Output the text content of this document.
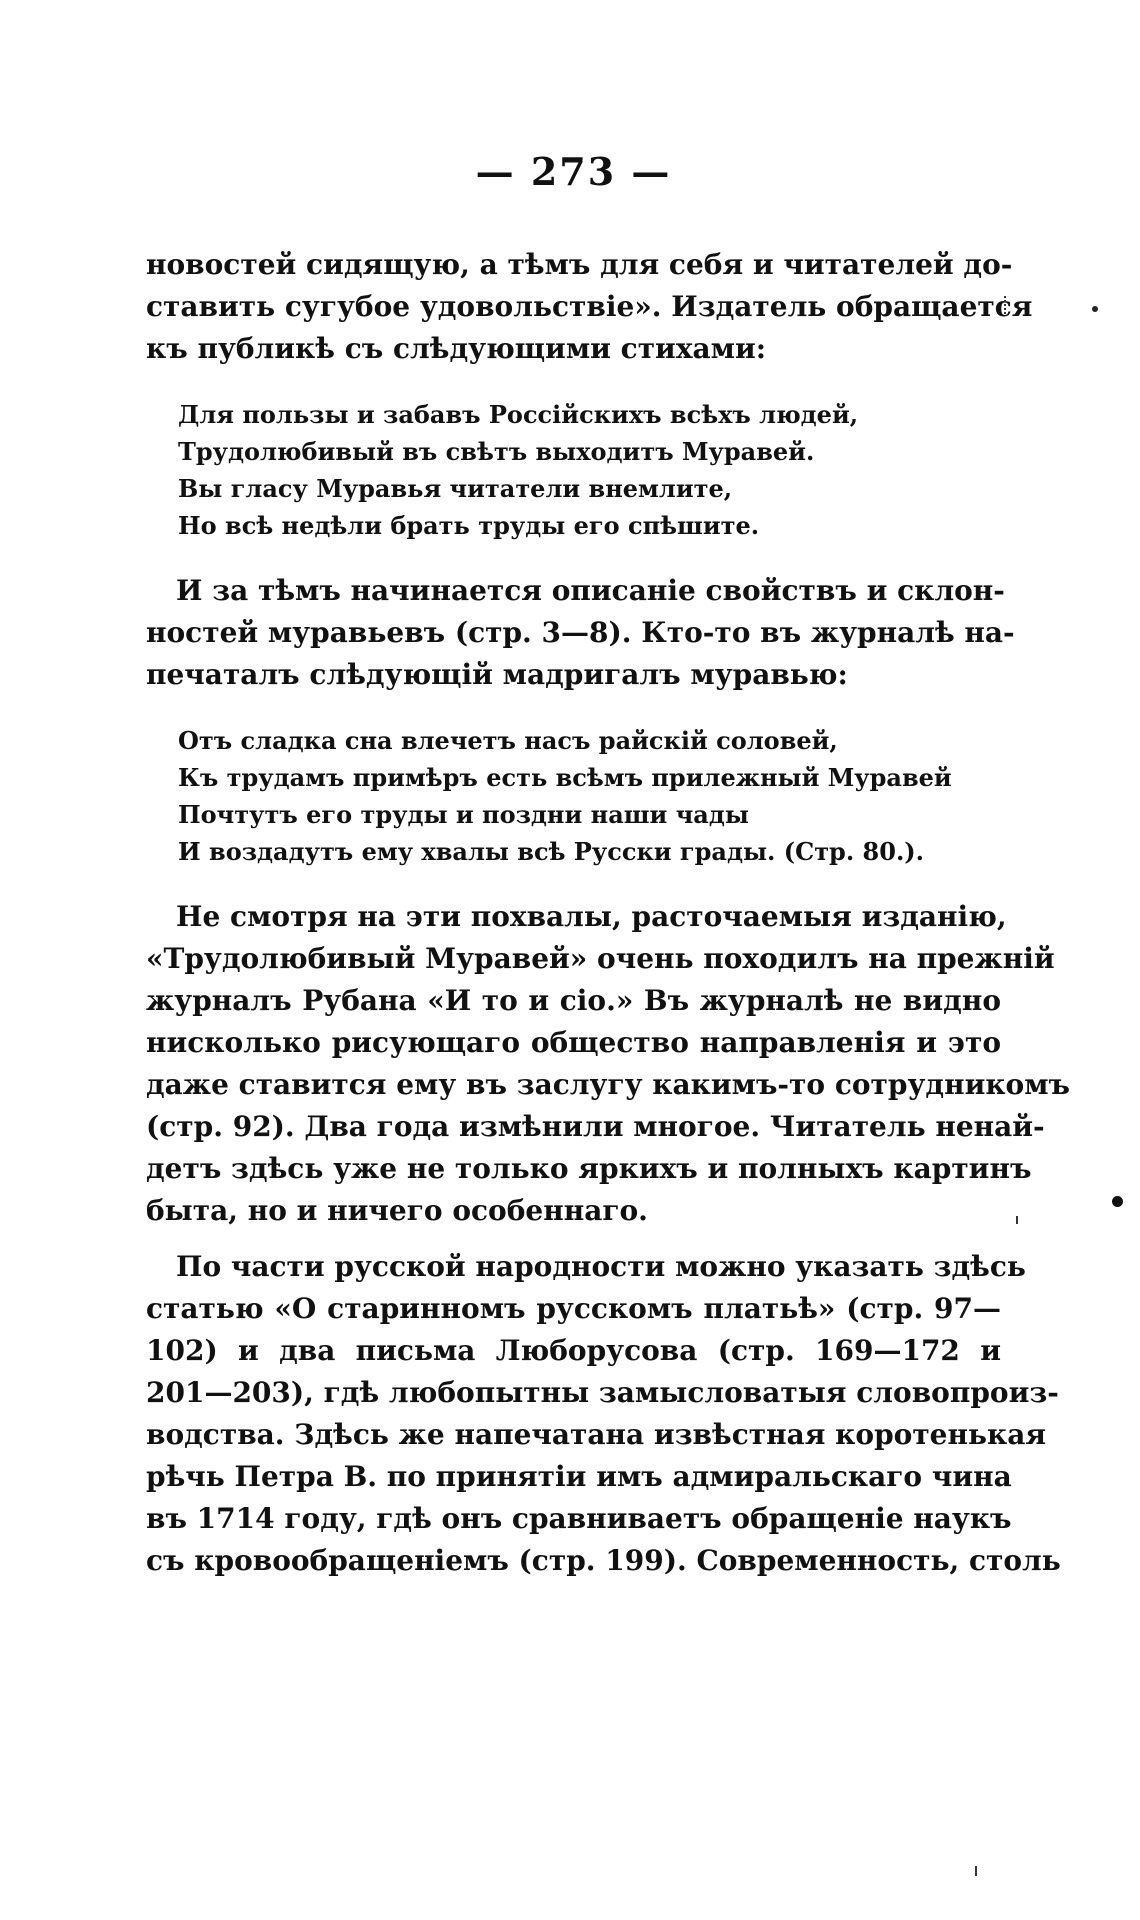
— 273 —
новостей сидящую, а тѣмъ для себя и читателей до-
ставить сугубое удовольствіе». Издатель обращается
къ публикѣ съ слѣдующими стихами:
Для пользы и забавъ Россійскихъ всѣхъ людей,
Трудолюбивый въ свѣтъ выходитъ Муравей.
Вы гласу Муравья читатели внемлите,
Но всѣ недѣли брать труды его спѣшите.
И за тѣмъ начинается описаніе свойствъ и склон-
ностей муравьевъ (стр. 3—8). Кто-то въ журналѣ на-
печаталъ слѣдующій мадригалъ муравью:
Отъ сладка сна влечетъ насъ райскій соловей,
Къ трудамъ примѣръ есть всѣмъ прилежный Муравей
Почтутъ его труды и поздни наши чады
И воздадутъ ему хвалы всѣ Русски грады. (Стр. 80.).
Не смотря на эти похвалы, расточаемыя изданію,
«Трудолюбивый Муравей» очень походилъ на прежній
журналъ Рубана «И то и сіо.» Въ журналѣ не видно
нисколько рисующаго общество направленія и это
даже ставится ему въ заслугу какимъ-то сотрудникомъ
(стр. 92). Два года измѣнили многое. Читатель ненай-
детъ здѣсь уже не только яркихъ и полныхъ картинъ
быта, но и ничего особеннаго.
По части русской народности можно указать здѣсь
статью «О старинномъ русскомъ платьѣ» (стр. 97—
102) и два письма Люборусова (стр. 169—172 и
201—203), гдѣ любопытны замысловатыя словопроиз-
водства. Здѣсь же напечатана извѣстная коротенькая
рѣчь Петра В. по принятіи имъ адмиральскаго чина
въ 1714 году, гдѣ онъ сравниваетъ обращеніе наукъ
съ кровообращеніемъ (стр. 199). Современность, столь
